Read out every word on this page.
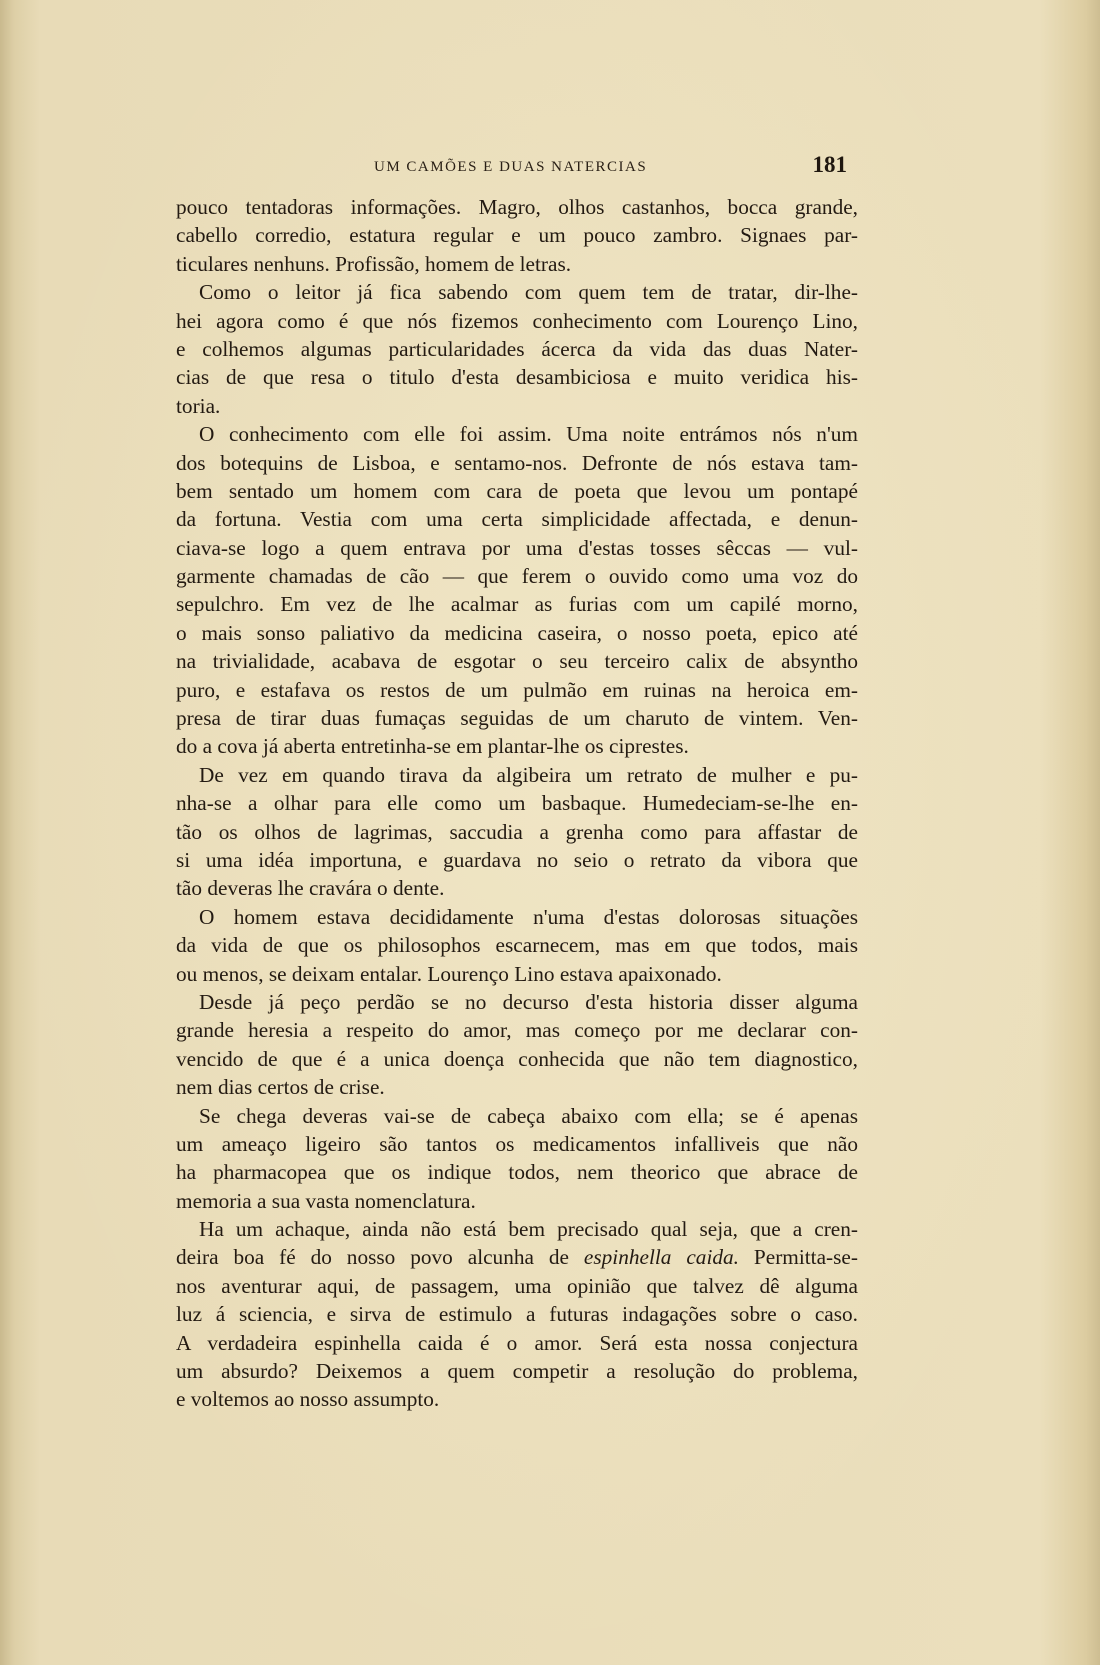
UM CAMÕES E DUAS NATERCIAS	181
pouco tentadoras informações. Magro, olhos castanhos, bocca grande,
cabello corredio, estatura regular e um pouco zambro. Signaes par-
ticulares nenhuns. Profissão, homem de letras.
Como o leitor já fica sabendo com quem tem de tratar, dir-lhe-
hei agora como é que nós fizemos conhecimento com Lourenço Lino,
e colhemos algumas particularidades ácerca da vida das duas Nater-
cias de que resa o titulo d'esta desambiciosa e muito veridica his-
toria.
O conhecimento com elle foi assim. Uma noite entrámos nós n'um
dos botequins de Lisboa, e sentamo-nos. Defronte de nós estava tam-
bem sentado um homem com cara de poeta que levou um pontapé
da fortuna. Vestia com uma certa simplicidade affectada, e denun-
ciava-se logo a quem entrava por uma d'estas tosses sêccas — vul-
garmente chamadas de cão — que ferem o ouvido como uma voz do
sepulchro. Em vez de lhe acalmar as furias com um capilé morno,
o mais sonso paliativo da medicina caseira, o nosso poeta, epico até
na trivialidade, acabava de esgotar o seu terceiro calix de absyntho
puro, e estafava os restos de um pulmão em ruinas na heroica em-
presa de tirar duas fumaças seguidas de um charuto de vintem. Ven-
do a cova já aberta entretinha-se em plantar-lhe os ciprestes.
De vez em quando tirava da algibeira um retrato de mulher e pu-
nha-se a olhar para elle como um basbaque. Humedeciam-se-lhe en-
tão os olhos de lagrimas, saccudia a grenha como para affastar de
si uma idéa importuna, e guardava no seio o retrato da vibora que
tão deveras lhe cravára o dente.
O homem estava decididamente n'uma d'estas dolorosas situações
da vida de que os philosophos escarnecem, mas em que todos, mais
ou menos, se deixam entalar. Lourenço Lino estava apaixonado.
Desde já peço perdão se no decurso d'esta historia disser alguma
grande heresia a respeito do amor, mas começo por me declarar con-
vencido de que é a unica doença conhecida que não tem diagnostico,
nem dias certos de crise.
Se chega deveras vai-se de cabeça abaixo com ella; se é apenas
um ameaço ligeiro são tantos os medicamentos infalliveis que não
ha pharmacopea que os indique todos, nem theorico que abrace de
memoria a sua vasta nomenclatura.
Ha um achaque, ainda não está bem precisado qual seja, que a cren-
deira boa fé do nosso povo alcunha de espinhella caida. Permitta-se-
nos aventurar aqui, de passagem, uma opinião que talvez dê alguma
luz á sciencia, e sirva de estimulo a futuras indagações sobre o caso.
A verdadeira espinhella caida é o amor. Será esta nossa conjectura
um absurdo? Deixemos a quem competir a resolução do problema,
e voltemos ao nosso assumpto.
